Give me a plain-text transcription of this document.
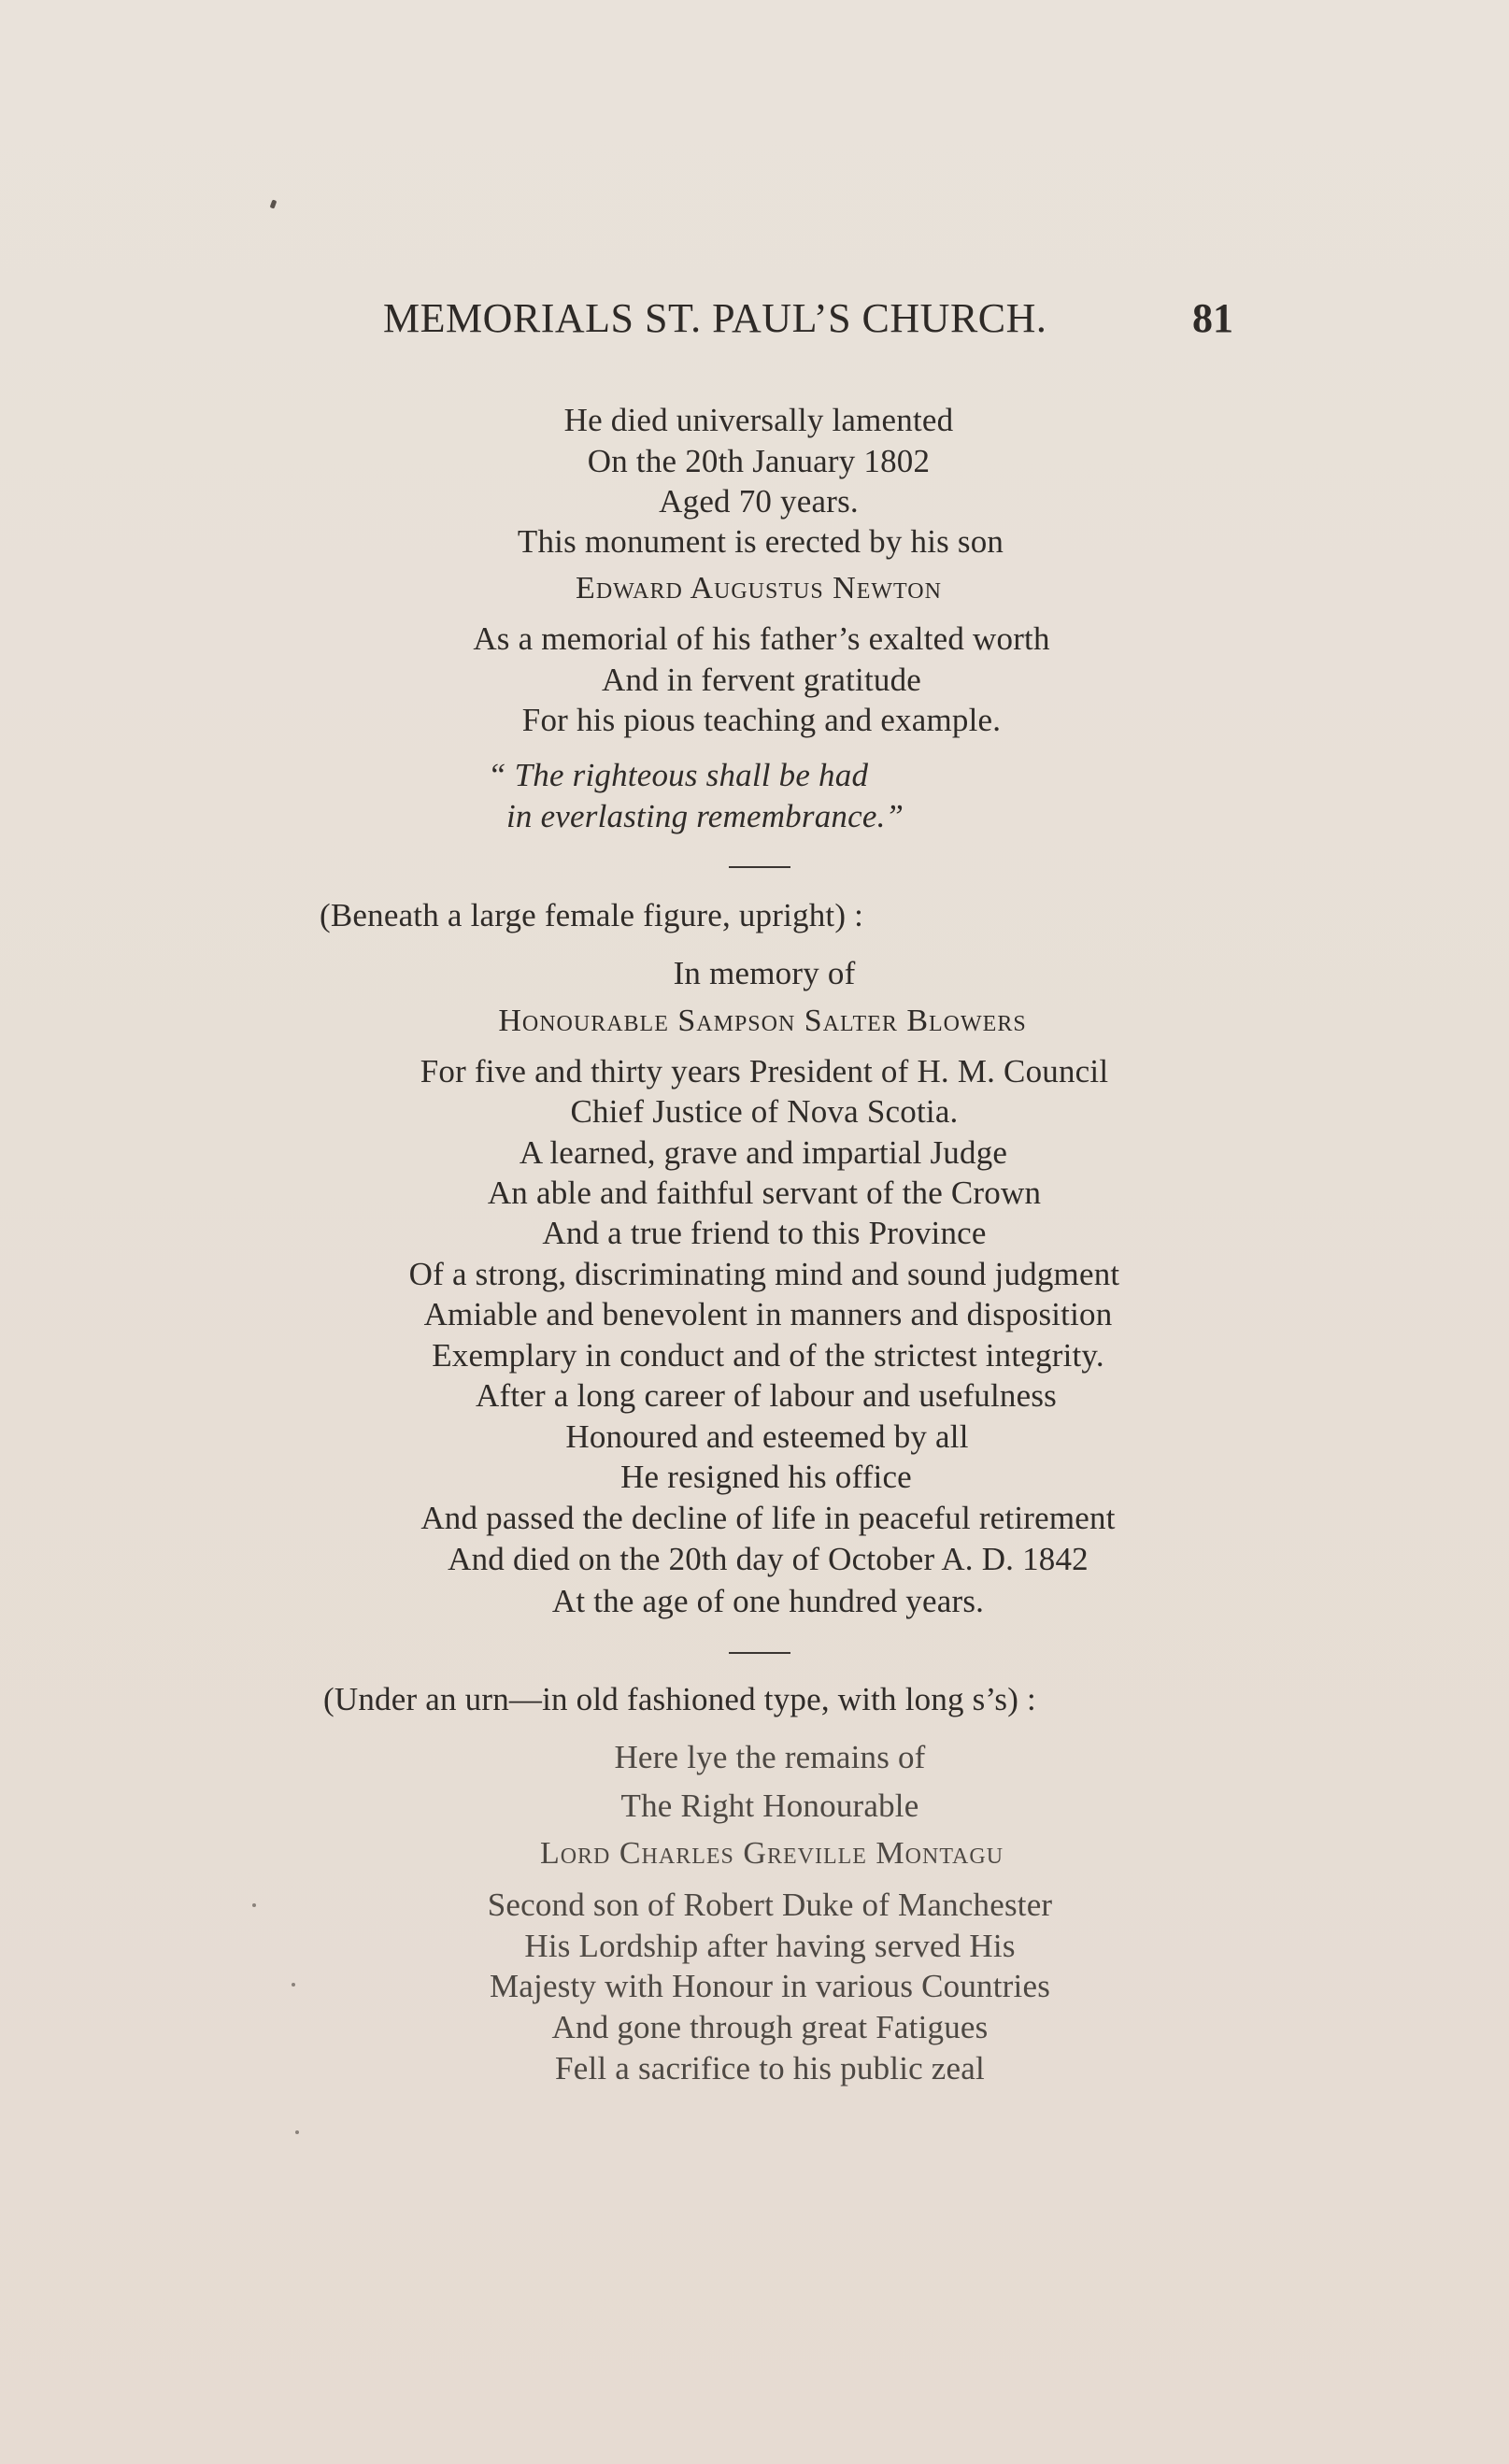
MEMORIALS ST. PAUL’S CHURCH.	81
He died universally lamented
On the 20th January 1802
Aged 70 years.
This monument is erected by his son
Edward Augustus Newton
As a memorial of his father’s exalted worth
And in fervent gratitude
For his pious teaching and example.
“ The righteous shall be had
in everlasting remembrance.”
(Beneath a large female figure, upright) :
In memory of
Honourable Sampson Salter Blowers
For five and thirty years President of H. M. Council
Chief Justice of Nova Scotia.
A learned, grave and impartial Judge
An able and faithful servant of the Crown
And a true friend to this Province
Of a strong, discriminating mind and sound judgment
Amiable and benevolent in manners and disposition
Exemplary in conduct and of the strictest integrity.
After a long career of labour and usefulness
Honoured and esteemed by all
He resigned his office
And passed the decline of life in peaceful retirement
And died on the 20th day of October A. D. 1842
At the age of one hundred years.
(Under an urn—in old fashioned type, with long s’s) :
Here lye the remains of
The Right Honourable
Lord Charles Greville Montagu
Second son of Robert Duke of Manchester
His Lordship after having served His
Majesty with Honour in various Countries
And gone through great Fatigues
Fell a sacrifice to his public zeal
